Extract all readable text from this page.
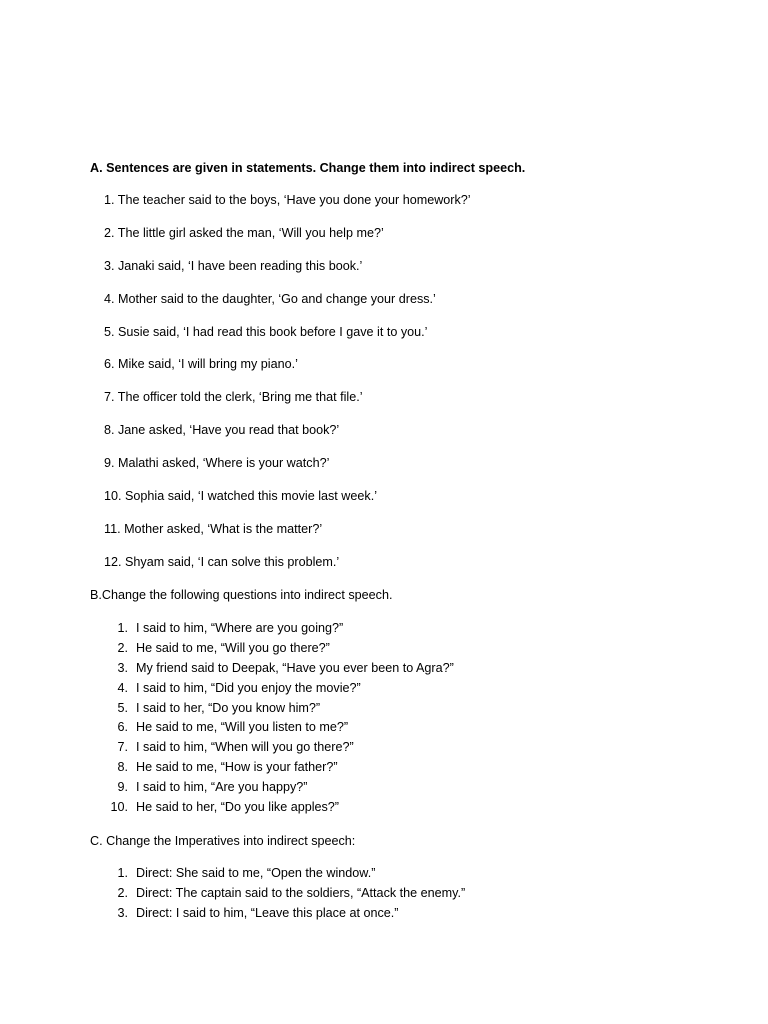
A. Sentences are given in statements. Change them into indirect speech.
1. The teacher said to the boys, ‘Have you done your homework?’
2. The little girl asked the man, ‘Will you help me?’
3. Janaki said, ‘I have been reading this book.’
4. Mother said to the daughter, ‘Go and change your dress.’
5. Susie said, ‘I had read this book before I gave it to you.’
6. Mike said, ‘I will bring my piano.’
7. The officer told the clerk, ‘Bring me that file.’
8. Jane asked, ‘Have you read that book?’
9. Malathi asked, ‘Where is your watch?’
10. Sophia said, ‘I watched this movie last week.’
11. Mother asked, ‘What is the matter?’
12. Shyam said, ‘I can solve this problem.’
B.Change the following questions into indirect speech.
1. I said to him, “Where are you going?”
2. He said to me, “Will you go there?”
3. My friend said to Deepak, “Have you ever been to Agra?”
4. I said to him, “Did you enjoy the movie?”
5. I said to her, “Do you know him?”
6. He said to me, “Will you listen to me?”
7. I said to him, “When will you go there?”
8. He said to me, “How is your father?”
9. I said to him, “Are you happy?”
10. He said to her, “Do you like apples?”
C. Change the Imperatives into indirect speech:
1. Direct: She said to me, “Open the window.”
2. Direct: The captain said to the soldiers, “Attack the enemy.”
3. Direct: I said to him, “Leave this place at once.”
